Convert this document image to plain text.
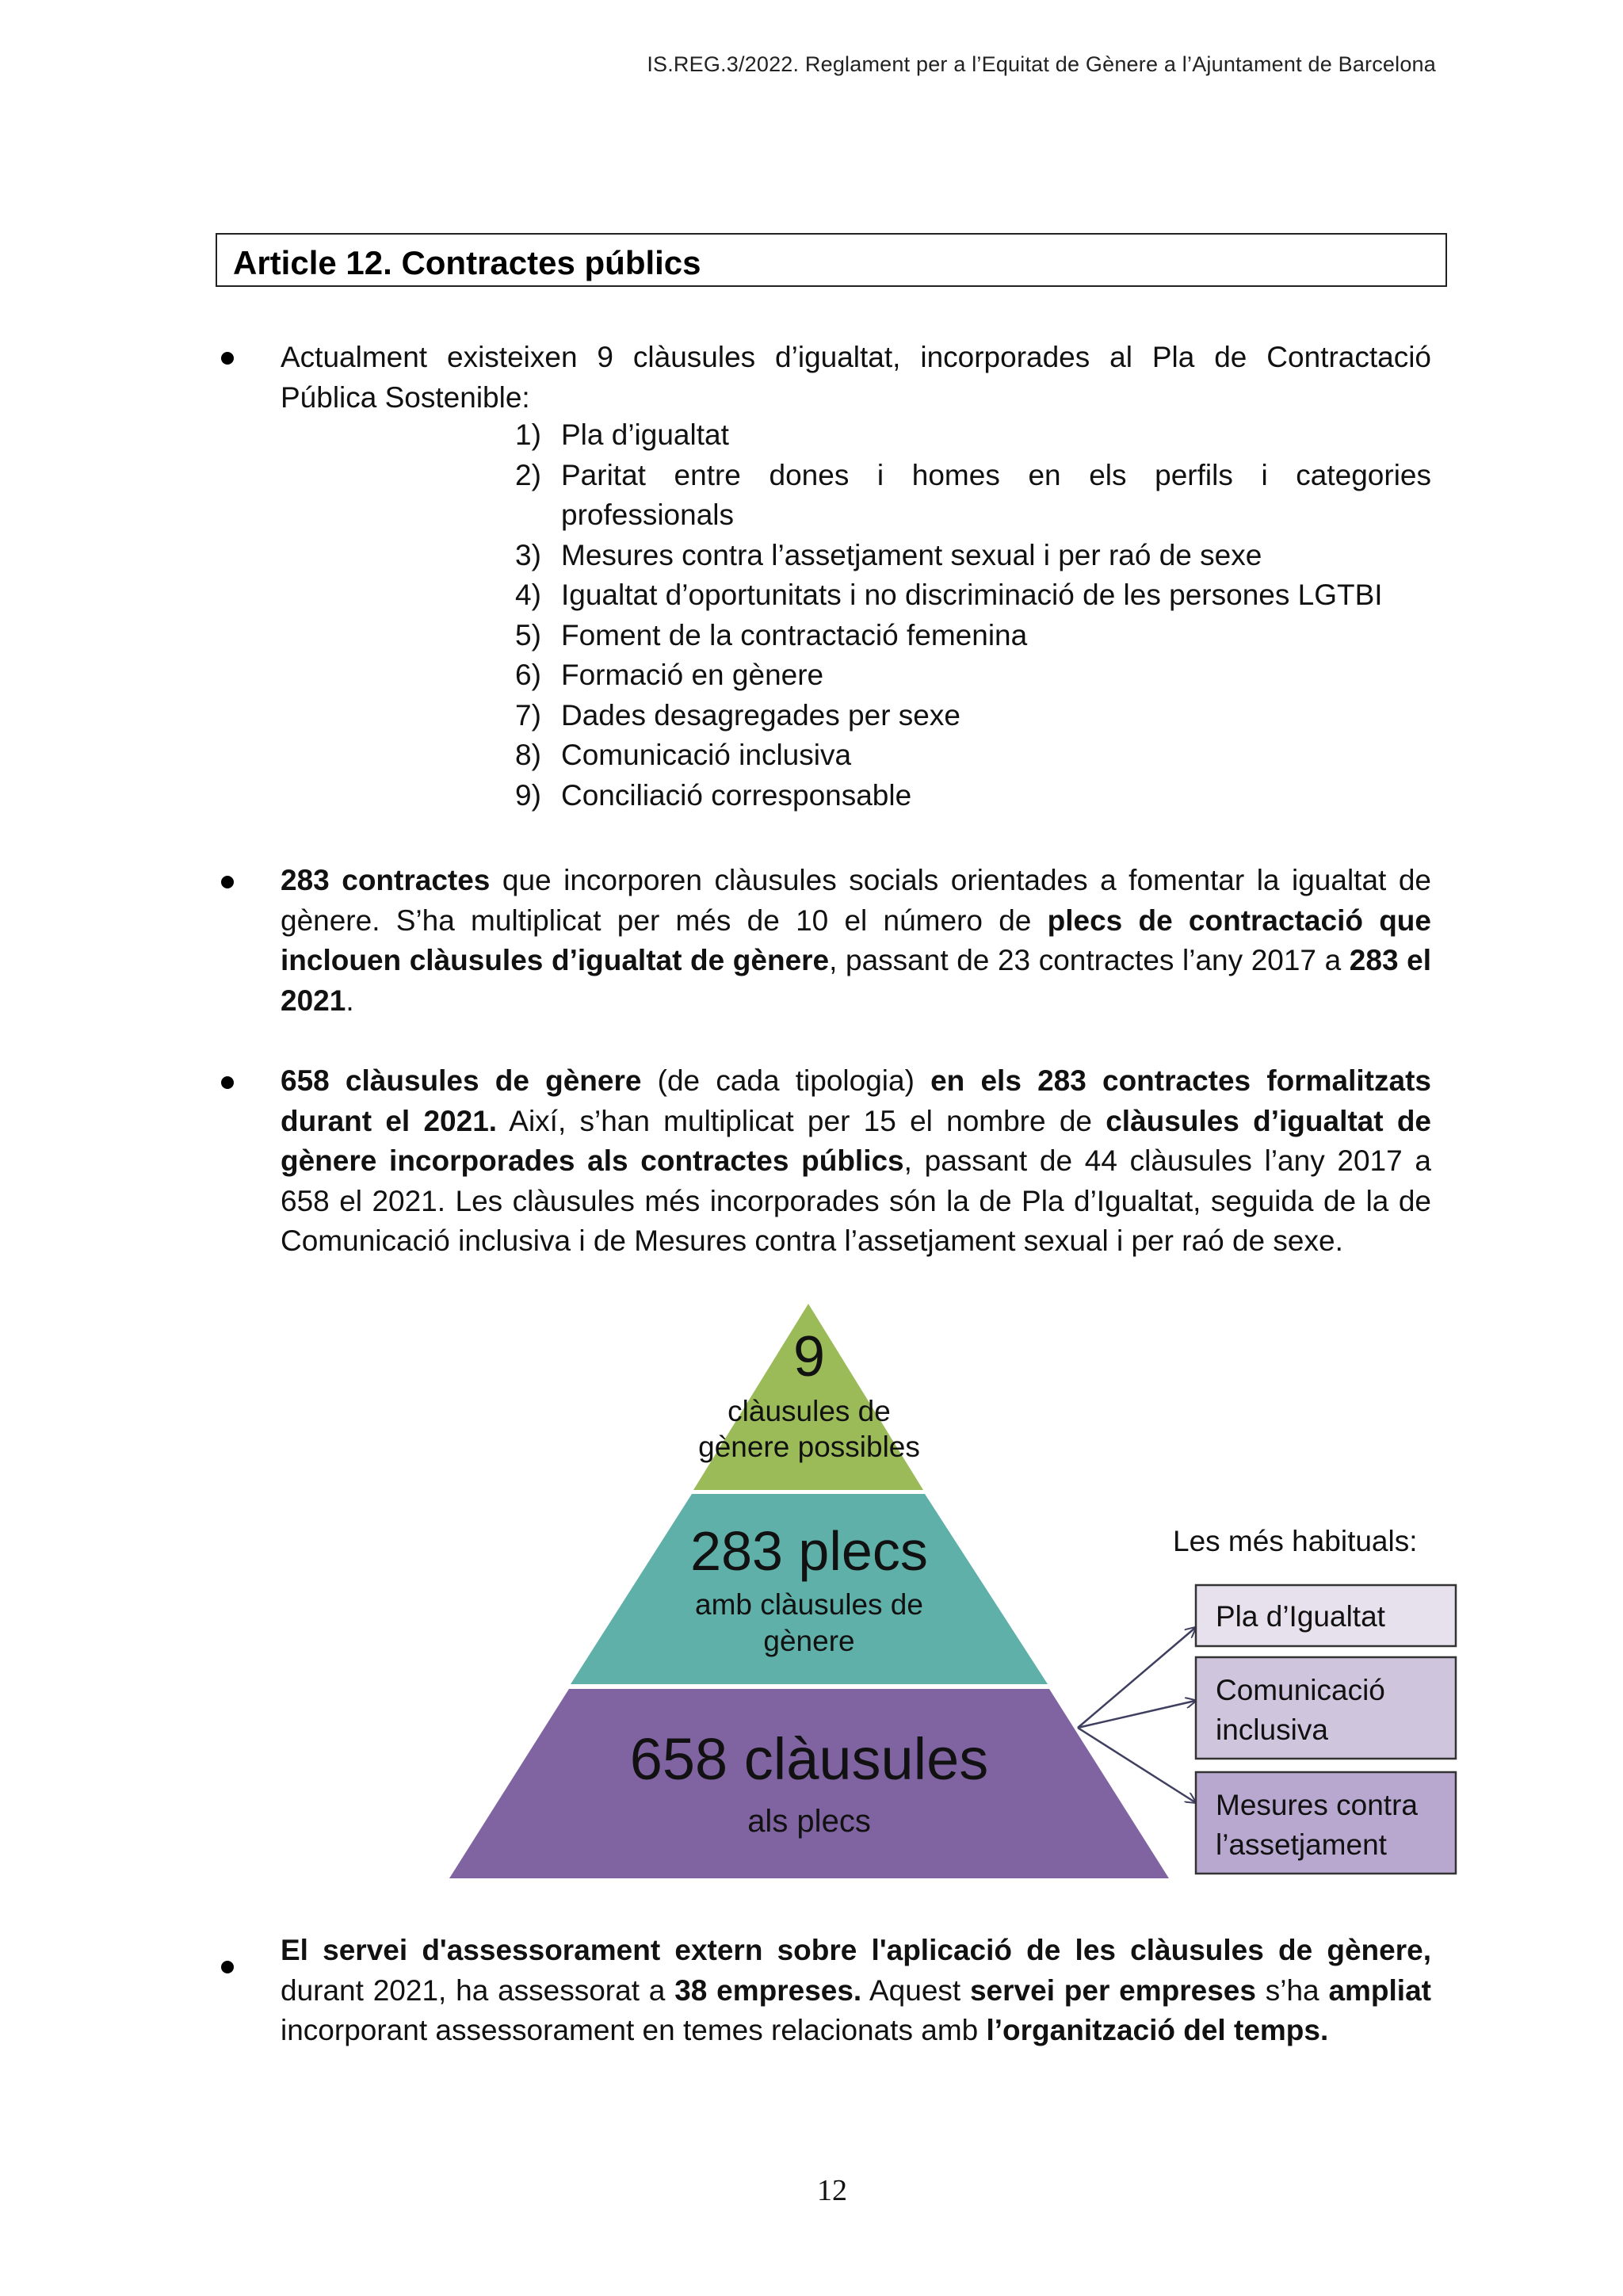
IS.REG.3/2022. Reglament per a l’Equitat de Gènere a l’Ajuntament de Barcelona
Article 12. Contractes públics

Actualment existeixen 9 clàusules d’igualtat, incorporades al Pla de Contractació Pública Sostenible:

1) Pla d’igualtat
2) Paritat entre dones i homes en els perfils i categories professionals
3) Mesures contra l’assetjament sexual i per raó de sexe
4) Igualtat d’oportunitats i no discriminació de les persones LGTBI
5) Foment de la contractació femenina
6) Formació en gènere
7) Dades desagregades per sexe
8) Comunicació inclusiva
9) Conciliació corresponsable

283 contractes que incorporen clàusules socials orientades a fomentar la igualtat de gènere. S’ha multiplicat per més de 10 el número de plecs de contractació que inclouen clàusules d’igualtat de gènere, passant de 23 contractes l’any 2017 a 283 el 2021.

658 clàusules de gènere (de cada tipologia) en els 283 contractes formalitzats durant el 2021. Així, s’han multiplicat per 15 el nombre de clàusules d’igualtat de gènere incorporades als contractes públics, passant de 44 clàusules l’any 2017 a 658 el 2021. Les clàusules més incorporades són la de Pla d’Igualtat, seguida de la de Comunicació inclusiva i de Mesures contra l’assetjament sexual i per raó de sexe.

9
clàusules de
gènere possibles
283 plecs
amb clàusules de
gènere
658 clàusules
als plecs
Les més habituals:
Pla d’Igualtat
Comunicació
inclusiva
Mesures contra
l’assetjament

El servei d'assessorament extern sobre l'aplicació de les clàusules de gènere, durant 2021, ha assessorat a 38 empreses. Aquest servei per empreses s’ha ampliat incorporant assessorament en temes relacionats amb l’organització del temps.

12
